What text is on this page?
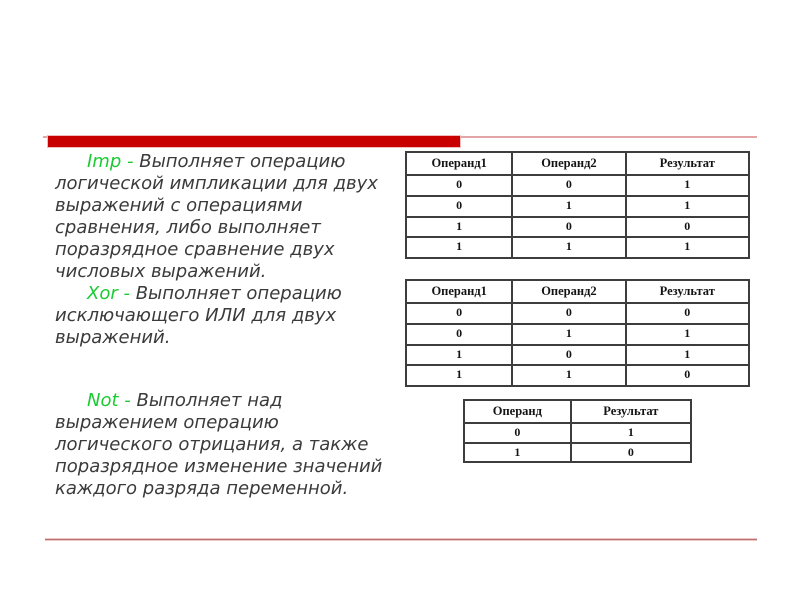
Imp - Выполняет операцию
логической импликации для двух
выражений с операциями
сравнения, либо выполняет
поразрядное сравнение двух
числовых выражений.

Xor - Выполняет операцию
исключающего ИЛИ для двух
выражений.

Not - Выполняет над
выражением операцию
логического отрицания, а также
поразрядное изменение значений
каждого разряда переменной.

Операнд1	Операнд2	Результат
0	0	1
0	1	1
1	0	0
1	1	1
Операнд1	Операнд2	Результат
0	0	0
0	1	1
1	0	1
1	1	0
Операнд	Результат
0	1
1	0
